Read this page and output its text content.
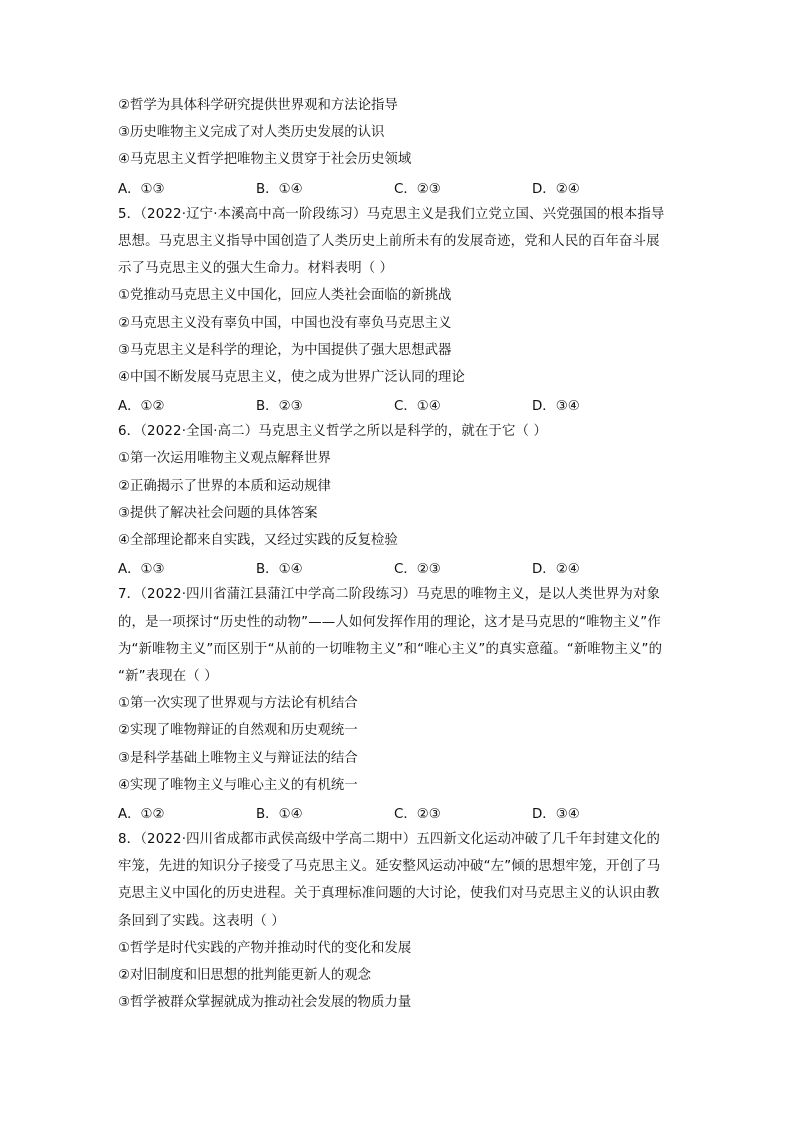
②哲学为具体科学研究提供世界观和方法论指导
③历史唯物主义完成了对人类历史发展的认识
④马克思主义哲学把唯物主义贯穿于社会历史领域
A．①③	B．①④	C．②③	D．②④
5．（2022·辽宁·本溪高中高一阶段练习）马克思主义是我们立党立国、兴党强国的根本指导
思想。马克思主义指导中国创造了人类历史上前所未有的发展奇迹，党和人民的百年奋斗展
示了马克思主义的强大生命力。材料表明（ ）
①党推动马克思主义中国化，回应人类社会面临的新挑战
②马克思主义没有辜负中国，中国也没有辜负马克思主义
③马克思主义是科学的理论，为中国提供了强大思想武器
④中国不断发展马克思主义，使之成为世界广泛认同的理论
A．①②	B．②③	C．①④	D．③④
6．（2022·全国·高二）马克思主义哲学之所以是科学的，就在于它（ ）
①第一次运用唯物主义观点解释世界
②正确揭示了世界的本质和运动规律
③提供了解决社会问题的具体答案
④全部理论都来自实践，又经过实践的反复检验
A．①③	B．①④	C．②③	D．②④
7．（2022·四川省蒲江县蒲江中学高二阶段练习）马克思的唯物主义，是以人类世界为对象
的，是一项探讨“历史性的动物”——人如何发挥作用的理论，这才是马克思的“唯物主义”作
为“新唯物主义”而区别于“从前的一切唯物主义”和“唯心主义”的真实意蕴。“新唯物主义”的
“新”表现在（ ）
①第一次实现了世界观与方法论有机结合
②实现了唯物辩证的自然观和历史观统一
③是科学基础上唯物主义与辩证法的结合
④实现了唯物主义与唯心主义的有机统一
A．①②	B．①④	C．②③	D．③④
8．（2022·四川省成都市武侯高级中学高二期中）五四新文化运动冲破了几千年封建文化的
牢笼，先进的知识分子接受了马克思主义。延安整风运动冲破“左”倾的思想牢笼，开创了马
克思主义中国化的历史进程。关于真理标准问题的大讨论，使我们对马克思主义的认识由教
条回到了实践。这表明（ ）
①哲学是时代实践的产物并推动时代的变化和发展
②对旧制度和旧思想的批判能更新人的观念
③哲学被群众掌握就成为推动社会发展的物质力量
